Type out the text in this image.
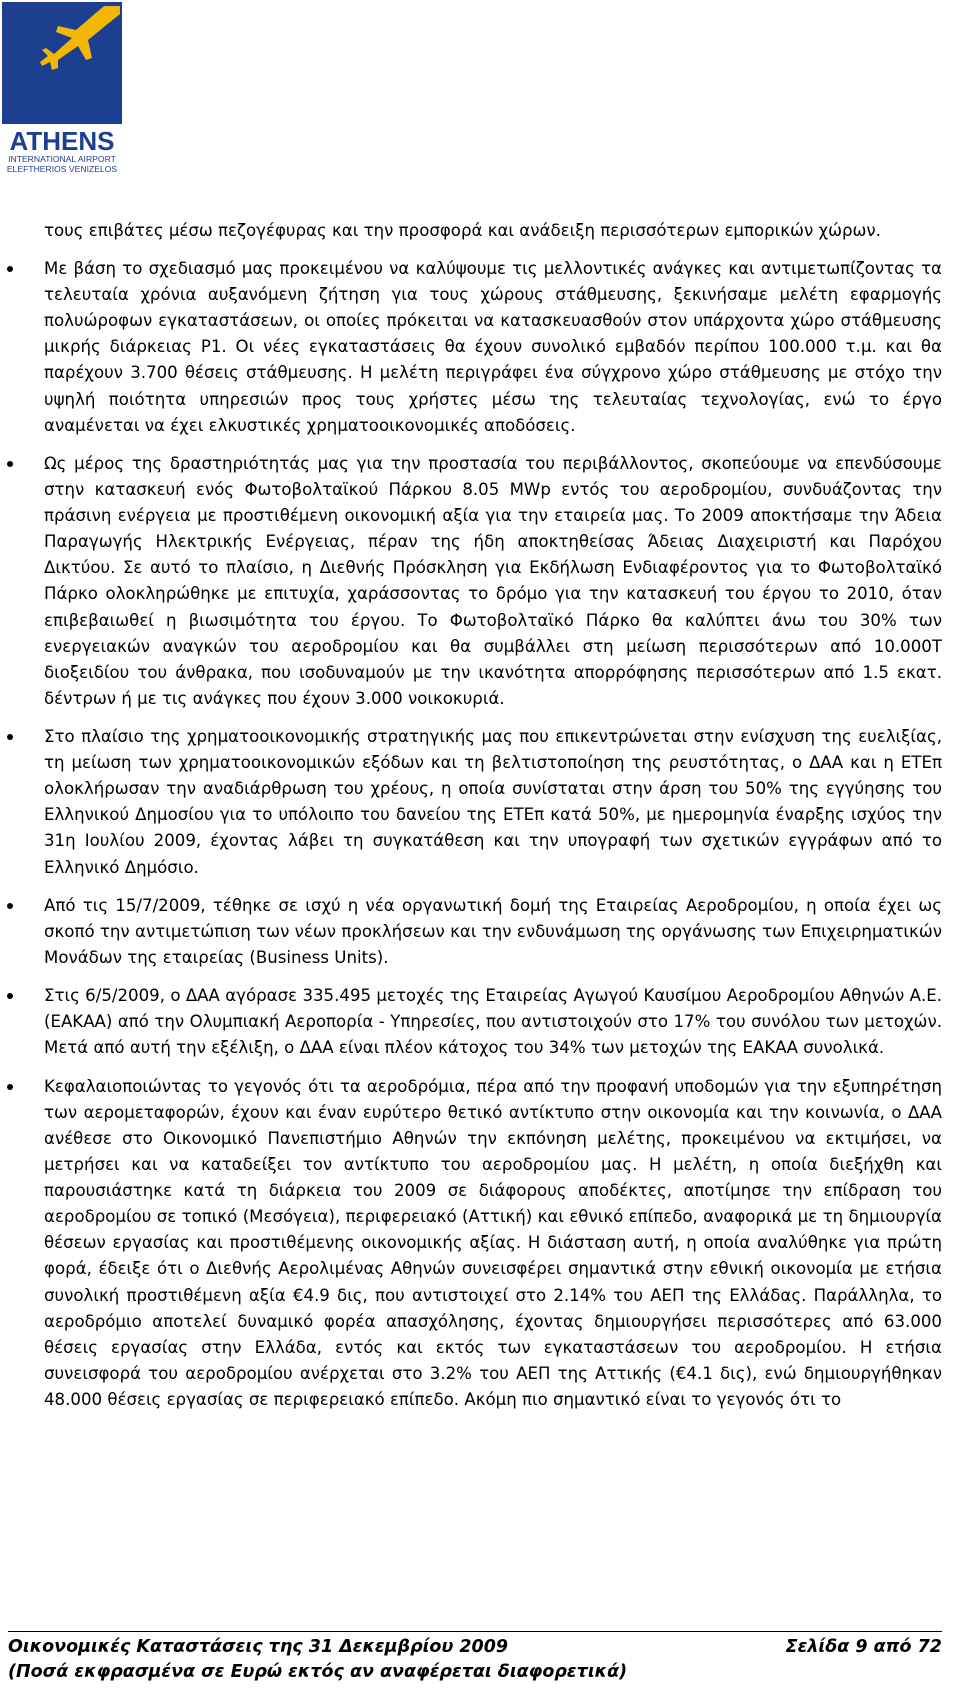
ATHENS
INTERNATIONAL AIRPORT
ELEFTHERIOS VENIZELOS

τους επιβάτες μέσω πεζογέφυρας και την προσφορά και ανάδειξη περισσότερων εμπορικών χώρων.

Με βάση το σχεδιασμό μας προκειμένου να καλύψουμε τις μελλοντικές ανάγκες και αντιμετωπίζοντας τα τελευταία χρόνια αυξανόμενη ζήτηση για τους χώρους στάθμευσης, ξεκινήσαμε μελέτη εφαρμογής πολυώροφων εγκαταστάσεων, οι οποίες πρόκειται να κατασκευασθούν στον υπάρχοντα χώρο στάθμευσης μικρής διάρκειας P1. Οι νέες εγκαταστάσεις θα έχουν συνολικό εμβαδόν περίπου 100.000 τ.μ. και θα παρέχουν 3.700 θέσεις στάθμευσης. Η μελέτη περιγράφει ένα σύγχρονο χώρο στάθμευσης με στόχο την υψηλή ποιότητα υπηρεσιών προς τους χρήστες μέσω της τελευταίας τεχνολογίας, ενώ το έργο αναμένεται να έχει ελκυστικές χρηματοοικονομικές αποδόσεις.
Ως μέρος της δραστηριότητάς μας για την προστασία του περιβάλλοντος, σκοπεύουμε να επενδύσουμε στην κατασκευή ενός Φωτοβολταϊκού Πάρκου 8.05 MWp εντός του αεροδρομίου, συνδυάζοντας την πράσινη ενέργεια με προστιθέμενη οικονομική αξία για την εταιρεία μας. Το 2009 αποκτήσαμε την Άδεια Παραγωγής Ηλεκτρικής Ενέργειας, πέραν της ήδη αποκτηθείσας Άδειας Διαχειριστή και Παρόχου Δικτύου. Σε αυτό το πλαίσιο, η Διεθνής Πρόσκληση για Εκδήλωση Ενδιαφέροντος για το Φωτοβολταϊκό Πάρκο ολοκληρώθηκε με επιτυχία, χαράσσοντας το δρόμο για την κατασκευή του έργου το 2010, όταν επιβεβαιωθεί η βιωσιμότητα του έργου. Το Φωτοβολταϊκό Πάρκο θα καλύπτει άνω του 30% των ενεργειακών αναγκών του αεροδρομίου και θα συμβάλλει στη μείωση περισσότερων από 10.000T διοξειδίου του άνθρακα, που ισοδυναμούν με την ικανότητα απορρόφησης περισσότερων από 1.5 εκατ. δέντρων ή με τις ανάγκες που έχουν 3.000 νοικοκυριά.
Στο πλαίσιο της χρηματοοικονομικής στρατηγικής μας που επικεντρώνεται στην ενίσχυση της ευελιξίας, τη μείωση των χρηματοοικονομικών εξόδων και τη βελτιστοποίηση της ρευστότητας, ο ΔΑΑ και η ΕΤΕπ ολοκλήρωσαν την αναδιάρθρωση του χρέους, η οποία συνίσταται στην άρση του 50% της εγγύησης του Ελληνικού Δημοσίου για το υπόλοιπο του δανείου της ΕΤΕπ κατά 50%, με ημερομηνία έναρξης ισχύος την 31η Ιουλίου 2009, έχοντας λάβει τη συγκατάθεση και την υπογραφή των σχετικών εγγράφων από το Ελληνικό Δημόσιο.
Από τις 15/7/2009, τέθηκε σε ισχύ η νέα οργανωτική δομή της Εταιρείας Αεροδρομίου, η οποία έχει ως σκοπό την αντιμετώπιση των νέων προκλήσεων και την ενδυνάμωση της οργάνωσης των Επιχειρηματικών Μονάδων της εταιρείας (Business Units).
Στις 6/5/2009, ο ΔΑΑ αγόρασε 335.495 μετοχές της Εταιρείας Αγωγού Καυσίμου Αεροδρομίου Αθηνών Α.Ε. (ΕΑΚΑΑ) από την Ολυμπιακή Αεροπορία - Υπηρεσίες, που αντιστοιχούν στο 17% του συνόλου των μετοχών. Μετά από αυτή την εξέλιξη, ο ΔΑΑ είναι πλέον κάτοχος του 34% των μετοχών της ΕΑΚΑΑ συνολικά.
Κεφαλαιοποιώντας το γεγονός ότι τα αεροδρόμια, πέρα από την προφανή υποδομών για την εξυπηρέτηση των αερομεταφορών, έχουν και έναν ευρύτερο θετικό αντίκτυπο στην οικονομία και την κοινωνία, ο ΔΑΑ ανέθεσε στο Οικονομικό Πανεπιστήμιο Αθηνών την εκπόνηση μελέτης, προκειμένου να εκτιμήσει, να μετρήσει και να καταδείξει τον αντίκτυπο του αεροδρομίου μας. Η μελέτη, η οποία διεξήχθη και παρουσιάστηκε κατά τη διάρκεια του 2009 σε διάφορους αποδέκτες, αποτίμησε την επίδραση του αεροδρομίου σε τοπικό (Μεσόγεια), περιφερειακό (Αττική) και εθνικό επίπεδο, αναφορικά με τη δημιουργία θέσεων εργασίας και προστιθέμενης οικονομικής αξίας. Η διάσταση αυτή, η οποία αναλύθηκε για πρώτη φορά, έδειξε ότι ο Διεθνής Αερολιμένας Αθηνών συνεισφέρει σημαντικά στην εθνική οικονομία με ετήσια συνολική προστιθέμενη αξία €4.9 δις, που αντιστοιχεί στο 2.14% του ΑΕΠ της Ελλάδας. Παράλληλα, το αεροδρόμιο αποτελεί δυναμικό φορέα απασχόλησης, έχοντας δημιουργήσει περισσότερες από 63.000 θέσεις εργασίας στην Ελλάδα, εντός και εκτός των εγκαταστάσεων του αεροδρομίου. Η ετήσια συνεισφορά του αεροδρομίου ανέρχεται στο 3.2% του ΑΕΠ της Αττικής (€4.1 δις), ενώ δημιουργήθηκαν 48.000 θέσεις εργασίας σε περιφερειακό επίπεδο. Ακόμη πιο σημαντικό είναι το γεγονός ότι το
Οικονομικές Καταστάσεις της 31 Δεκεμβρίου 2009	Σελίδα 9 από 72
(Ποσά εκφρασμένα σε Ευρώ εκτός αν αναφέρεται διαφορετικά)
